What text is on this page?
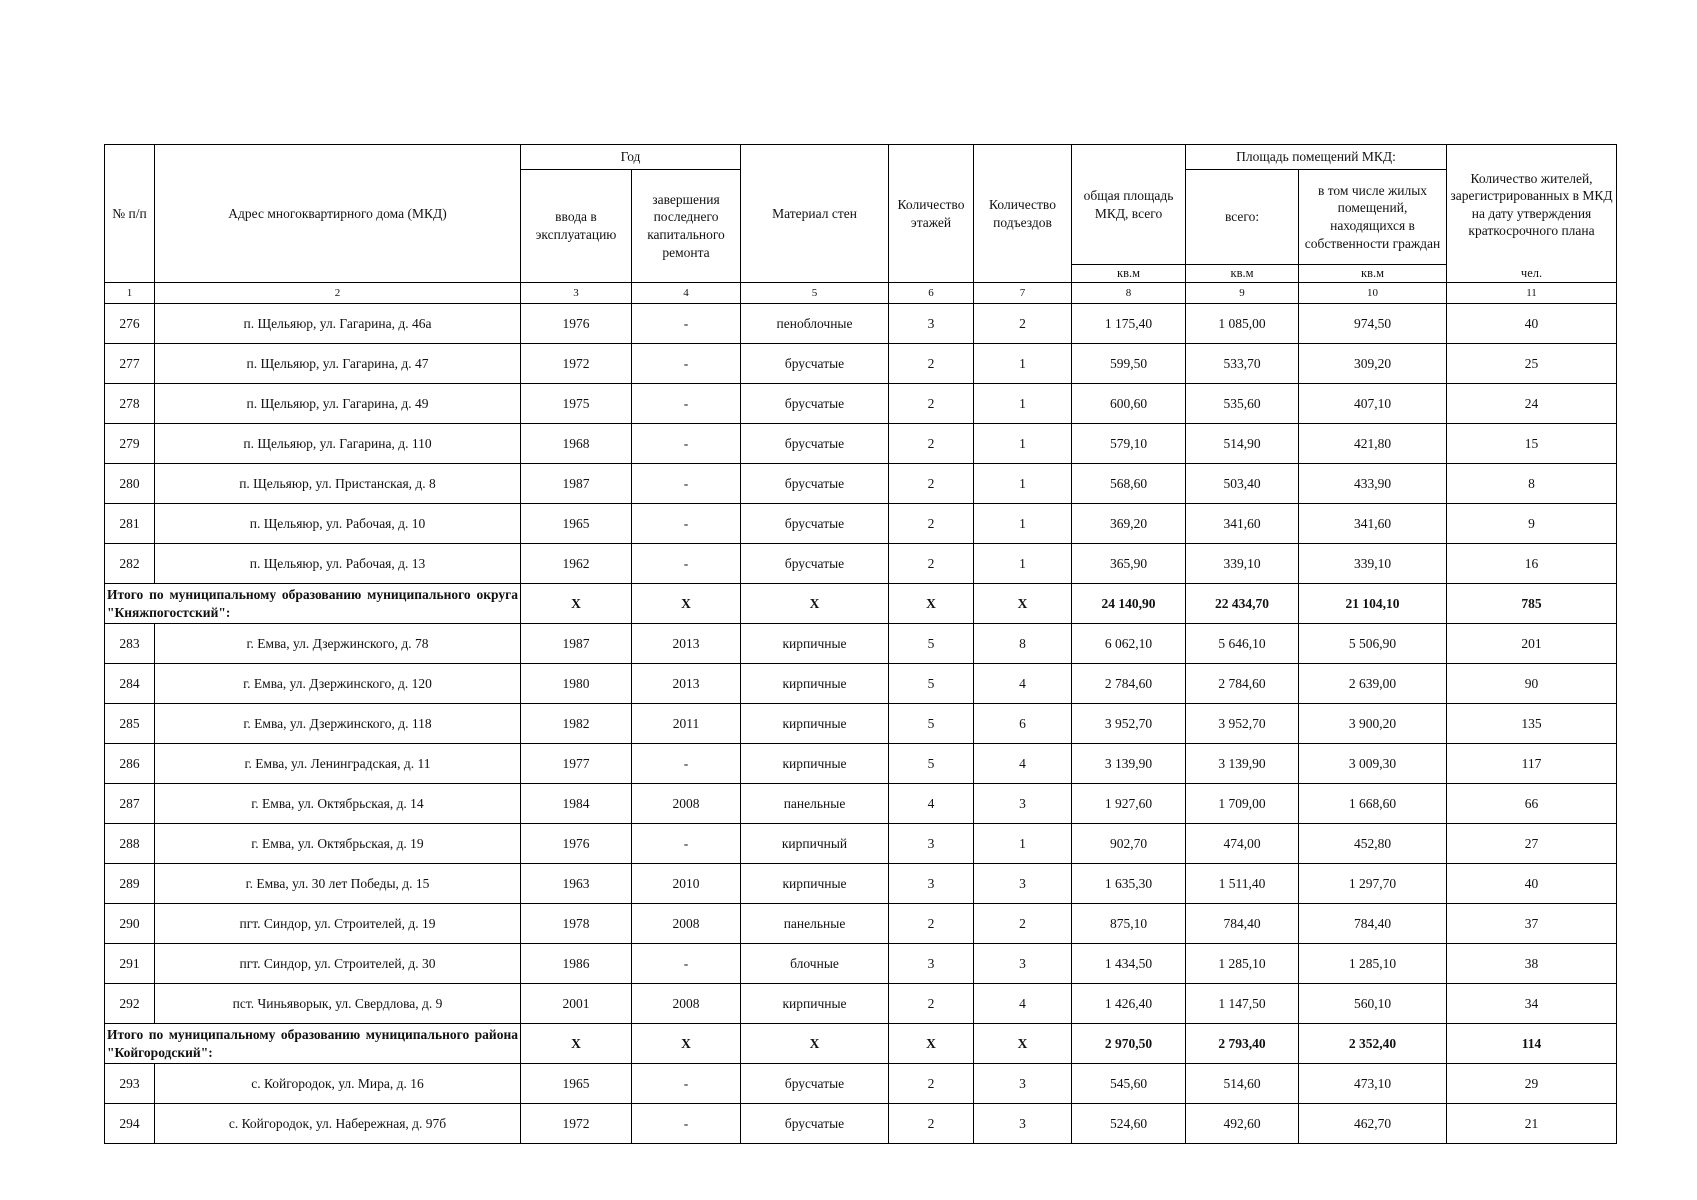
№ п/п	Адрес многоквартирного дома (МКД)	Год		Материал стен	Количество этажей	Количество подъездов	общая площадь МКД, всего	Площадь помещений МКД:		Количество жителей, зарегистрированных в МКД на дату утверждения краткосрочного плана
		ввода в эксплуатацию	завершения последнего капитального ремонта					всего:	в том числе жилых помещений, находящихся в собственности граждан	
							кв.м	кв.м	кв.м	чел.
1	2	3	4	5	6	7	8	9	10	11
276	п. Щельяюр, ул. Гагарина, д. 46а	1976	-	пеноблочные	3	2	1 175,40	1 085,00	974,50	40
277	п. Щельяюр, ул. Гагарина, д. 47	1972	-	брусчатые	2	1	599,50	533,70	309,20	25
278	п. Щельяюр, ул. Гагарина, д. 49	1975	-	брусчатые	2	1	600,60	535,60	407,10	24
279	п. Щельяюр, ул. Гагарина, д. 110	1968	-	брусчатые	2	1	579,10	514,90	421,80	15
280	п. Щельяюр, ул. Пристанская, д. 8	1987	-	брусчатые	2	1	568,60	503,40	433,90	8
281	п. Щельяюр, ул. Рабочая, д. 10	1965	-	брусчатые	2	1	369,20	341,60	341,60	9
282	п. Щельяюр, ул. Рабочая, д. 13	1962	-	брусчатые	2	1	365,90	339,10	339,10	16
Итого по муниципальному образованию муниципального округа "Княжпогостский":		X	X	X	X	X	24 140,90	22 434,70	21 104,10	785
283	г. Емва, ул. Дзержинского, д. 78	1987	2013	кирпичные	5	8	6 062,10	5 646,10	5 506,90	201
284	г. Емва, ул. Дзержинского, д. 120	1980	2013	кирпичные	5	4	2 784,60	2 784,60	2 639,00	90
285	г. Емва, ул. Дзержинского, д. 118	1982	2011	кирпичные	5	6	3 952,70	3 952,70	3 900,20	135
286	г. Емва, ул. Ленинградская, д. 11	1977	-	кирпичные	5	4	3 139,90	3 139,90	3 009,30	117
287	г. Емва, ул. Октябрьская, д. 14	1984	2008	панельные	4	3	1 927,60	1 709,00	1 668,60	66
288	г. Емва, ул. Октябрьская, д. 19	1976	-	кирпичный	3	1	902,70	474,00	452,80	27
289	г. Емва, ул. 30 лет Победы, д. 15	1963	2010	кирпичные	3	3	1 635,30	1 511,40	1 297,70	40
290	пгт. Синдор, ул. Строителей, д. 19	1978	2008	панельные	2	2	875,10	784,40	784,40	37
291	пгт. Синдор, ул. Строителей, д. 30	1986	-	блочные	3	3	1 434,50	1 285,10	1 285,10	38
292	пст. Чиньяворык, ул. Свердлова, д. 9	2001	2008	кирпичные	2	4	1 426,40	1 147,50	560,10	34
Итого по муниципальному образованию муниципального района "Койгородский":		X	X	X	X	X	2 970,50	2 793,40	2 352,40	114
293	с. Койгородок, ул. Мира, д. 16	1965	-	брусчатые	2	3	545,60	514,60	473,10	29
294	с. Койгородок, ул. Набережная, д. 97б	1972	-	брусчатые	2	3	524,60	492,60	462,70	21
